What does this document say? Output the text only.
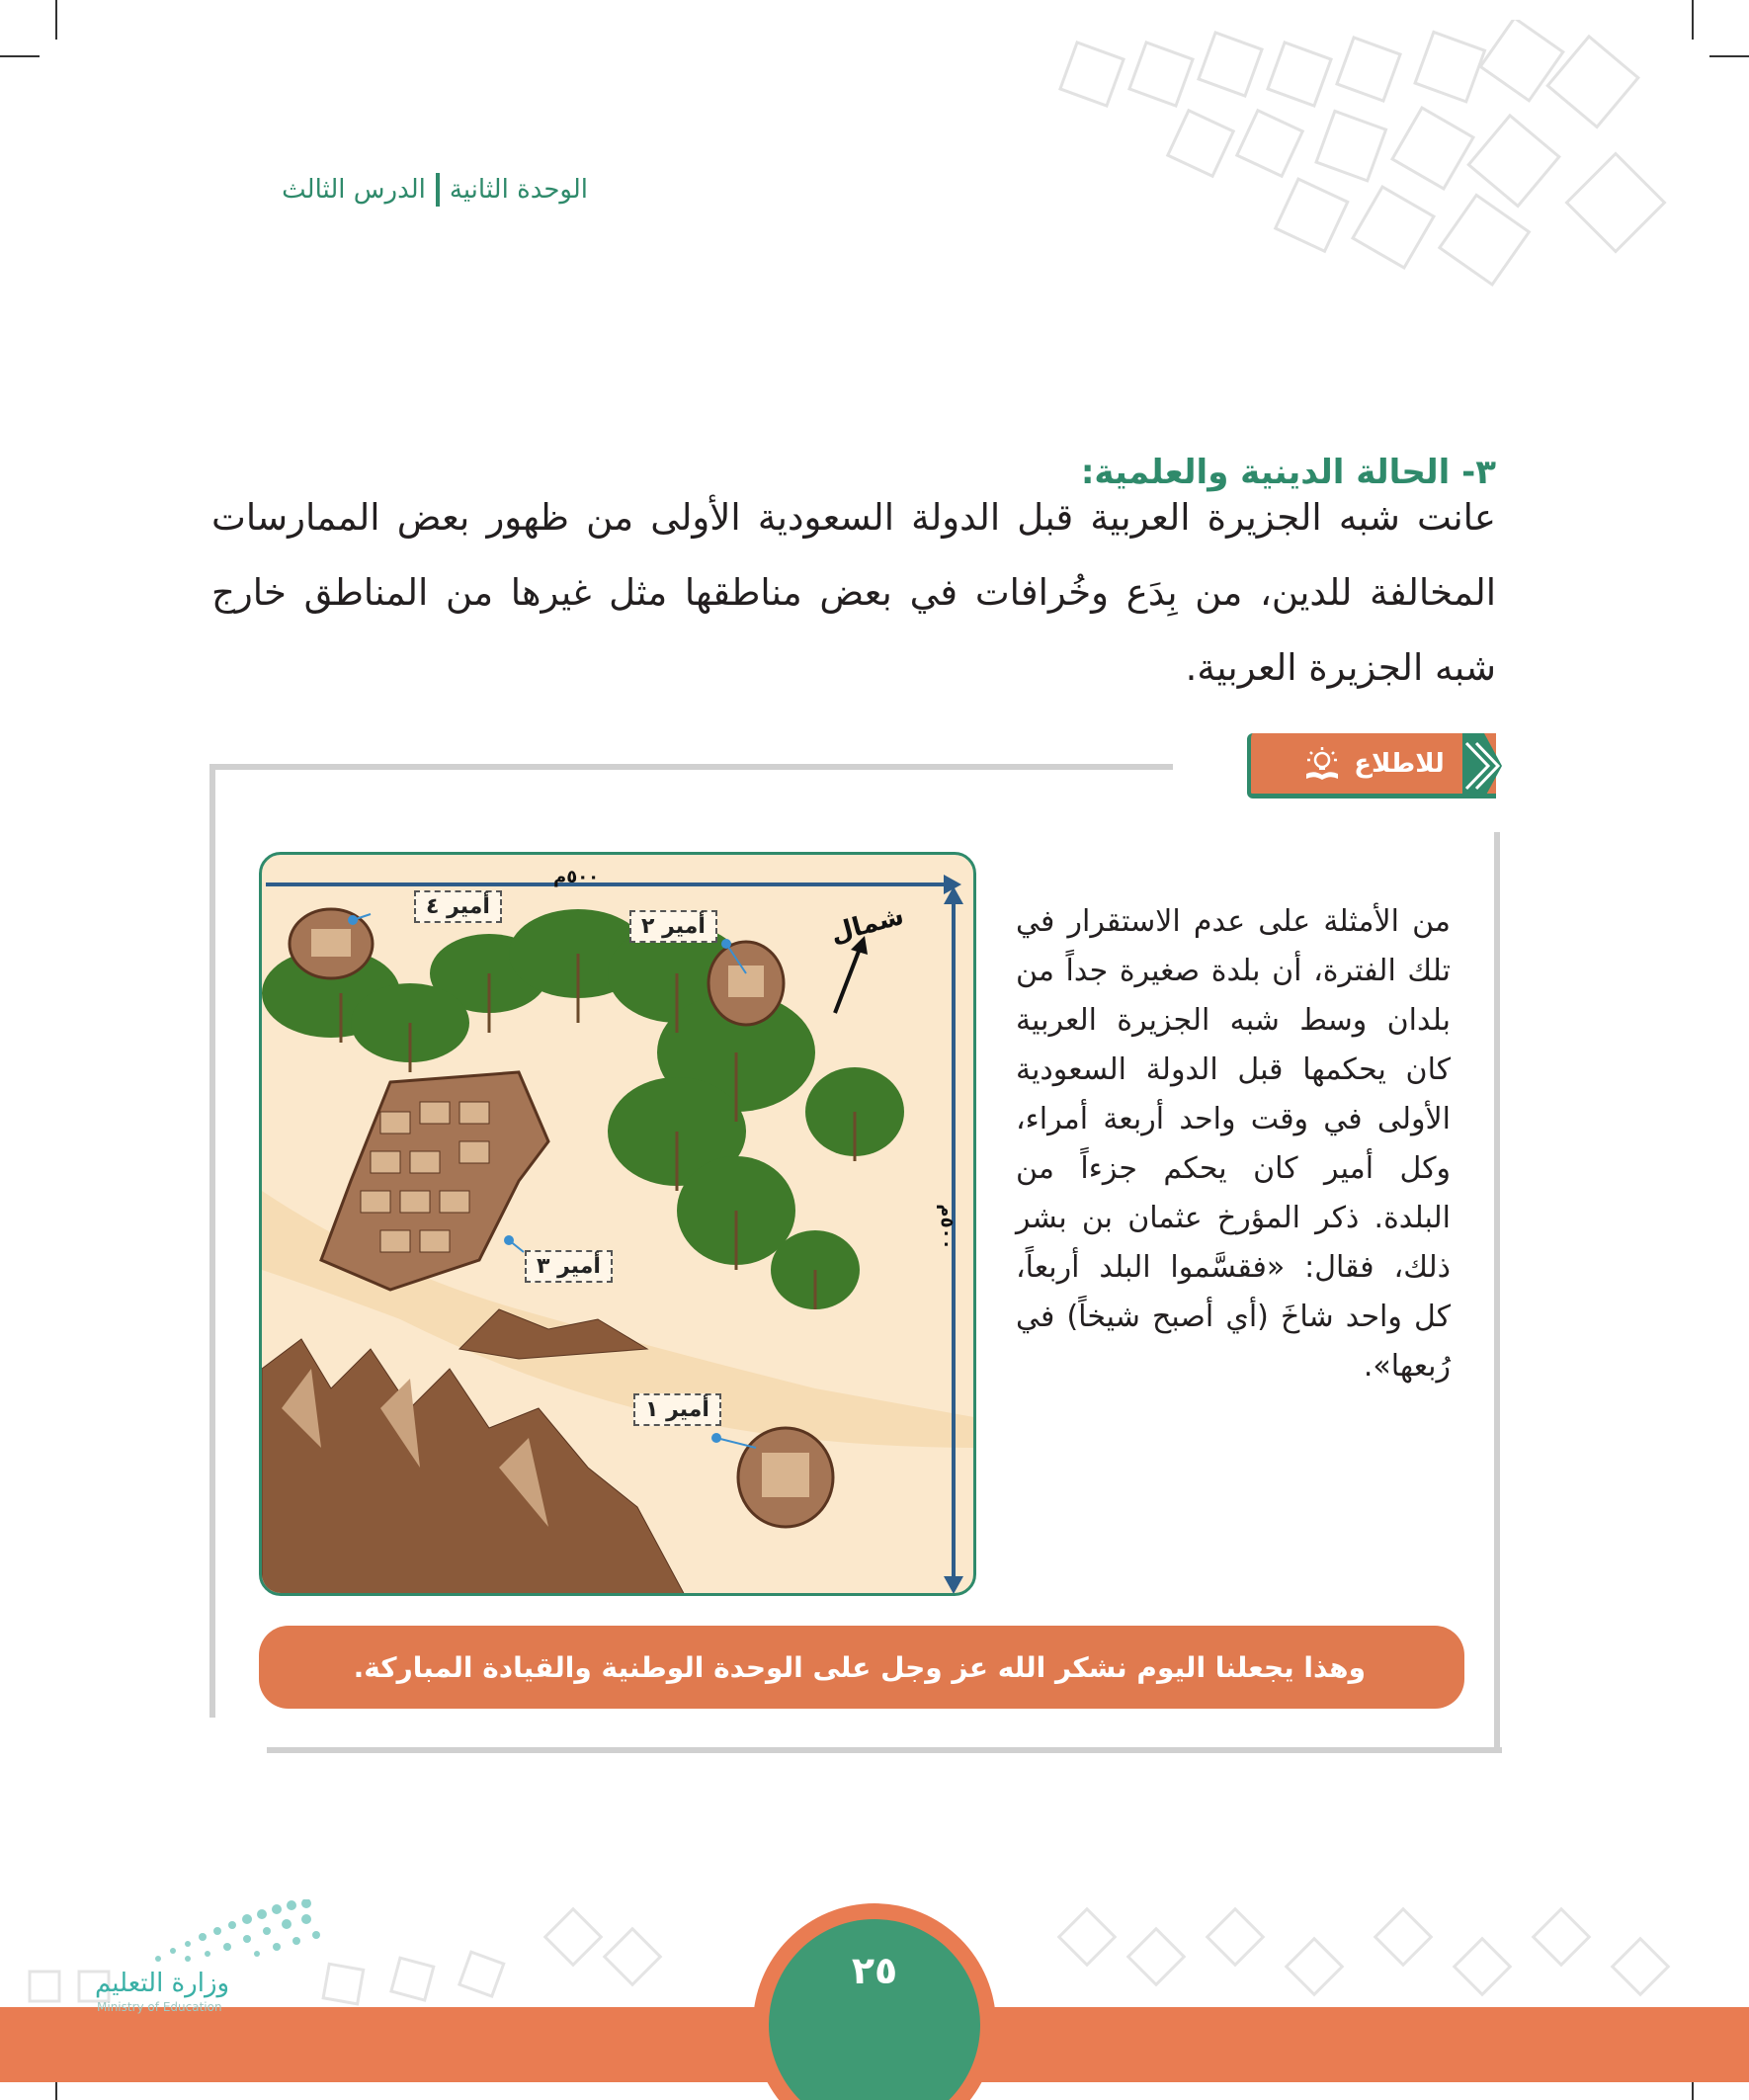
الوحدة الثانية
الدرس الثالث
٣- الحالة الدينية والعلمية:
عانت شبه الجزيرة العربية قبل الدولة السعودية الأولى من ظهور بعض الممارسات المخالفة للدين، من بِدَع وخُرافات في بعض مناطقها مثل غيرها من المناطق خارج شبه الجزيرة العربية.
للاطلاع
أمير ٤
أمير ٢
أمير ٣
أمير ١
٥٠٠م
٥٠٠م
شمال	من الأمثلة على عدم الاستقرار في تلك الفترة، أن بلدة صغيرة جداً من بلدان وسط شبه الجزيرة العربية كان يحكمها قبل الدولة السعودية الأولى في وقت واحد أربعة أمراء، وكل أمير كان يحكم جزءاً من البلدة. ذكر المؤرخ عثمان بن بشر ذلك، فقال: «فقسَّموا البلد أربعاً، كل واحد شاخَ (أي أصبح شيخاً) في رُبعها».
وهذا يجعلنا اليوم نشكر الله عز وجل على الوحدة الوطنية والقيادة المباركة.
وزارة التعليم
Ministry of Education
٢٥
